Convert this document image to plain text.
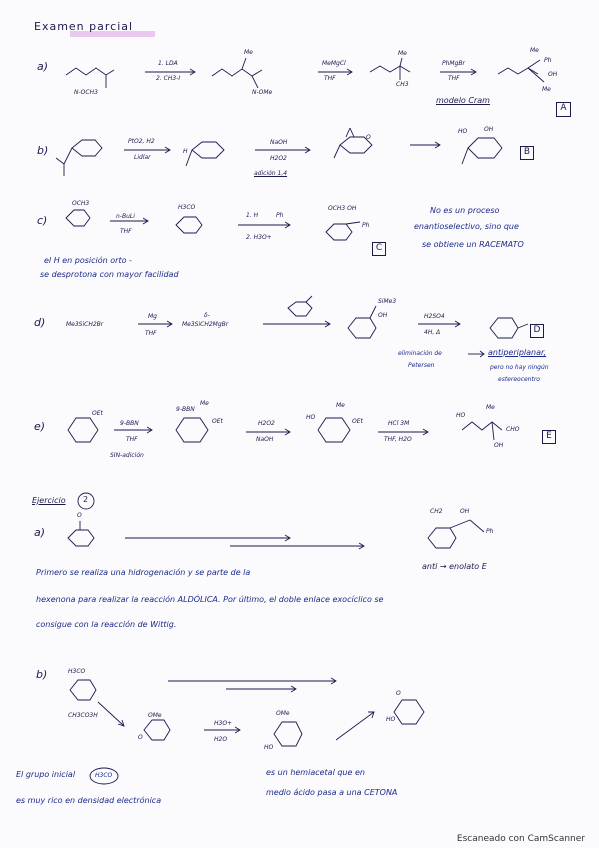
Examen parcial
a)
N-OCH3
1. LDA
2. CH3-I
Me
N-OMe
MeMgCl
THF
Me
CH3
PhMgBr
THF
Me
Ph
OH
Me
modelo Cram
A
b)
PtO2, H2
Lidlar
H
NaOH
H2O2
adición 1,4
O
HO	OH
B
c)
OCH3
n-BuLi
THF
H3CO
1. H	Ph
2. H3O+
OCH3 OH
Ph
C
No es un proceso
enantioselectivo, sino que
se obtiene un RACEMATO
el H en posición orto -
se desprotona con mayor facilidad
d)	Me3SiCH2Br
Mg
THF
Me3SiCH2MgBr
δ-
SiMe3
OH	H2SO4
4H, Δ	D
eliminación de
Petersen
antiperiplanar,
pero no hay ningún
estereocentro
e)
OEt
9-BBN
THF
SIN-adición
9-BBN
Me
OEt	H2O2
NaOH
HO
Me
OEt	HCl 3M
THF, H2O
HO
Me
CHO
OH
E
Ejercicio 2
a)
O
CH2	OH
Ph
anti → enolato E
Primero se realiza una hidrogenación y se parte de la
hexenona para realizar la reacción ALDÓLICA. Por último, el doble enlace exocíclico se
consigue con la reacción de Wittig.
b)	H3CO
CH3CO3H	OMe
O
H3O+
H2O
OMe
HO
O
HO
El grupo inicial	H3CO
es muy rico en densidad electrónica
es un hemiacetal que en
medio ácido pasa a una CETONA
Escaneado con CamScanner
